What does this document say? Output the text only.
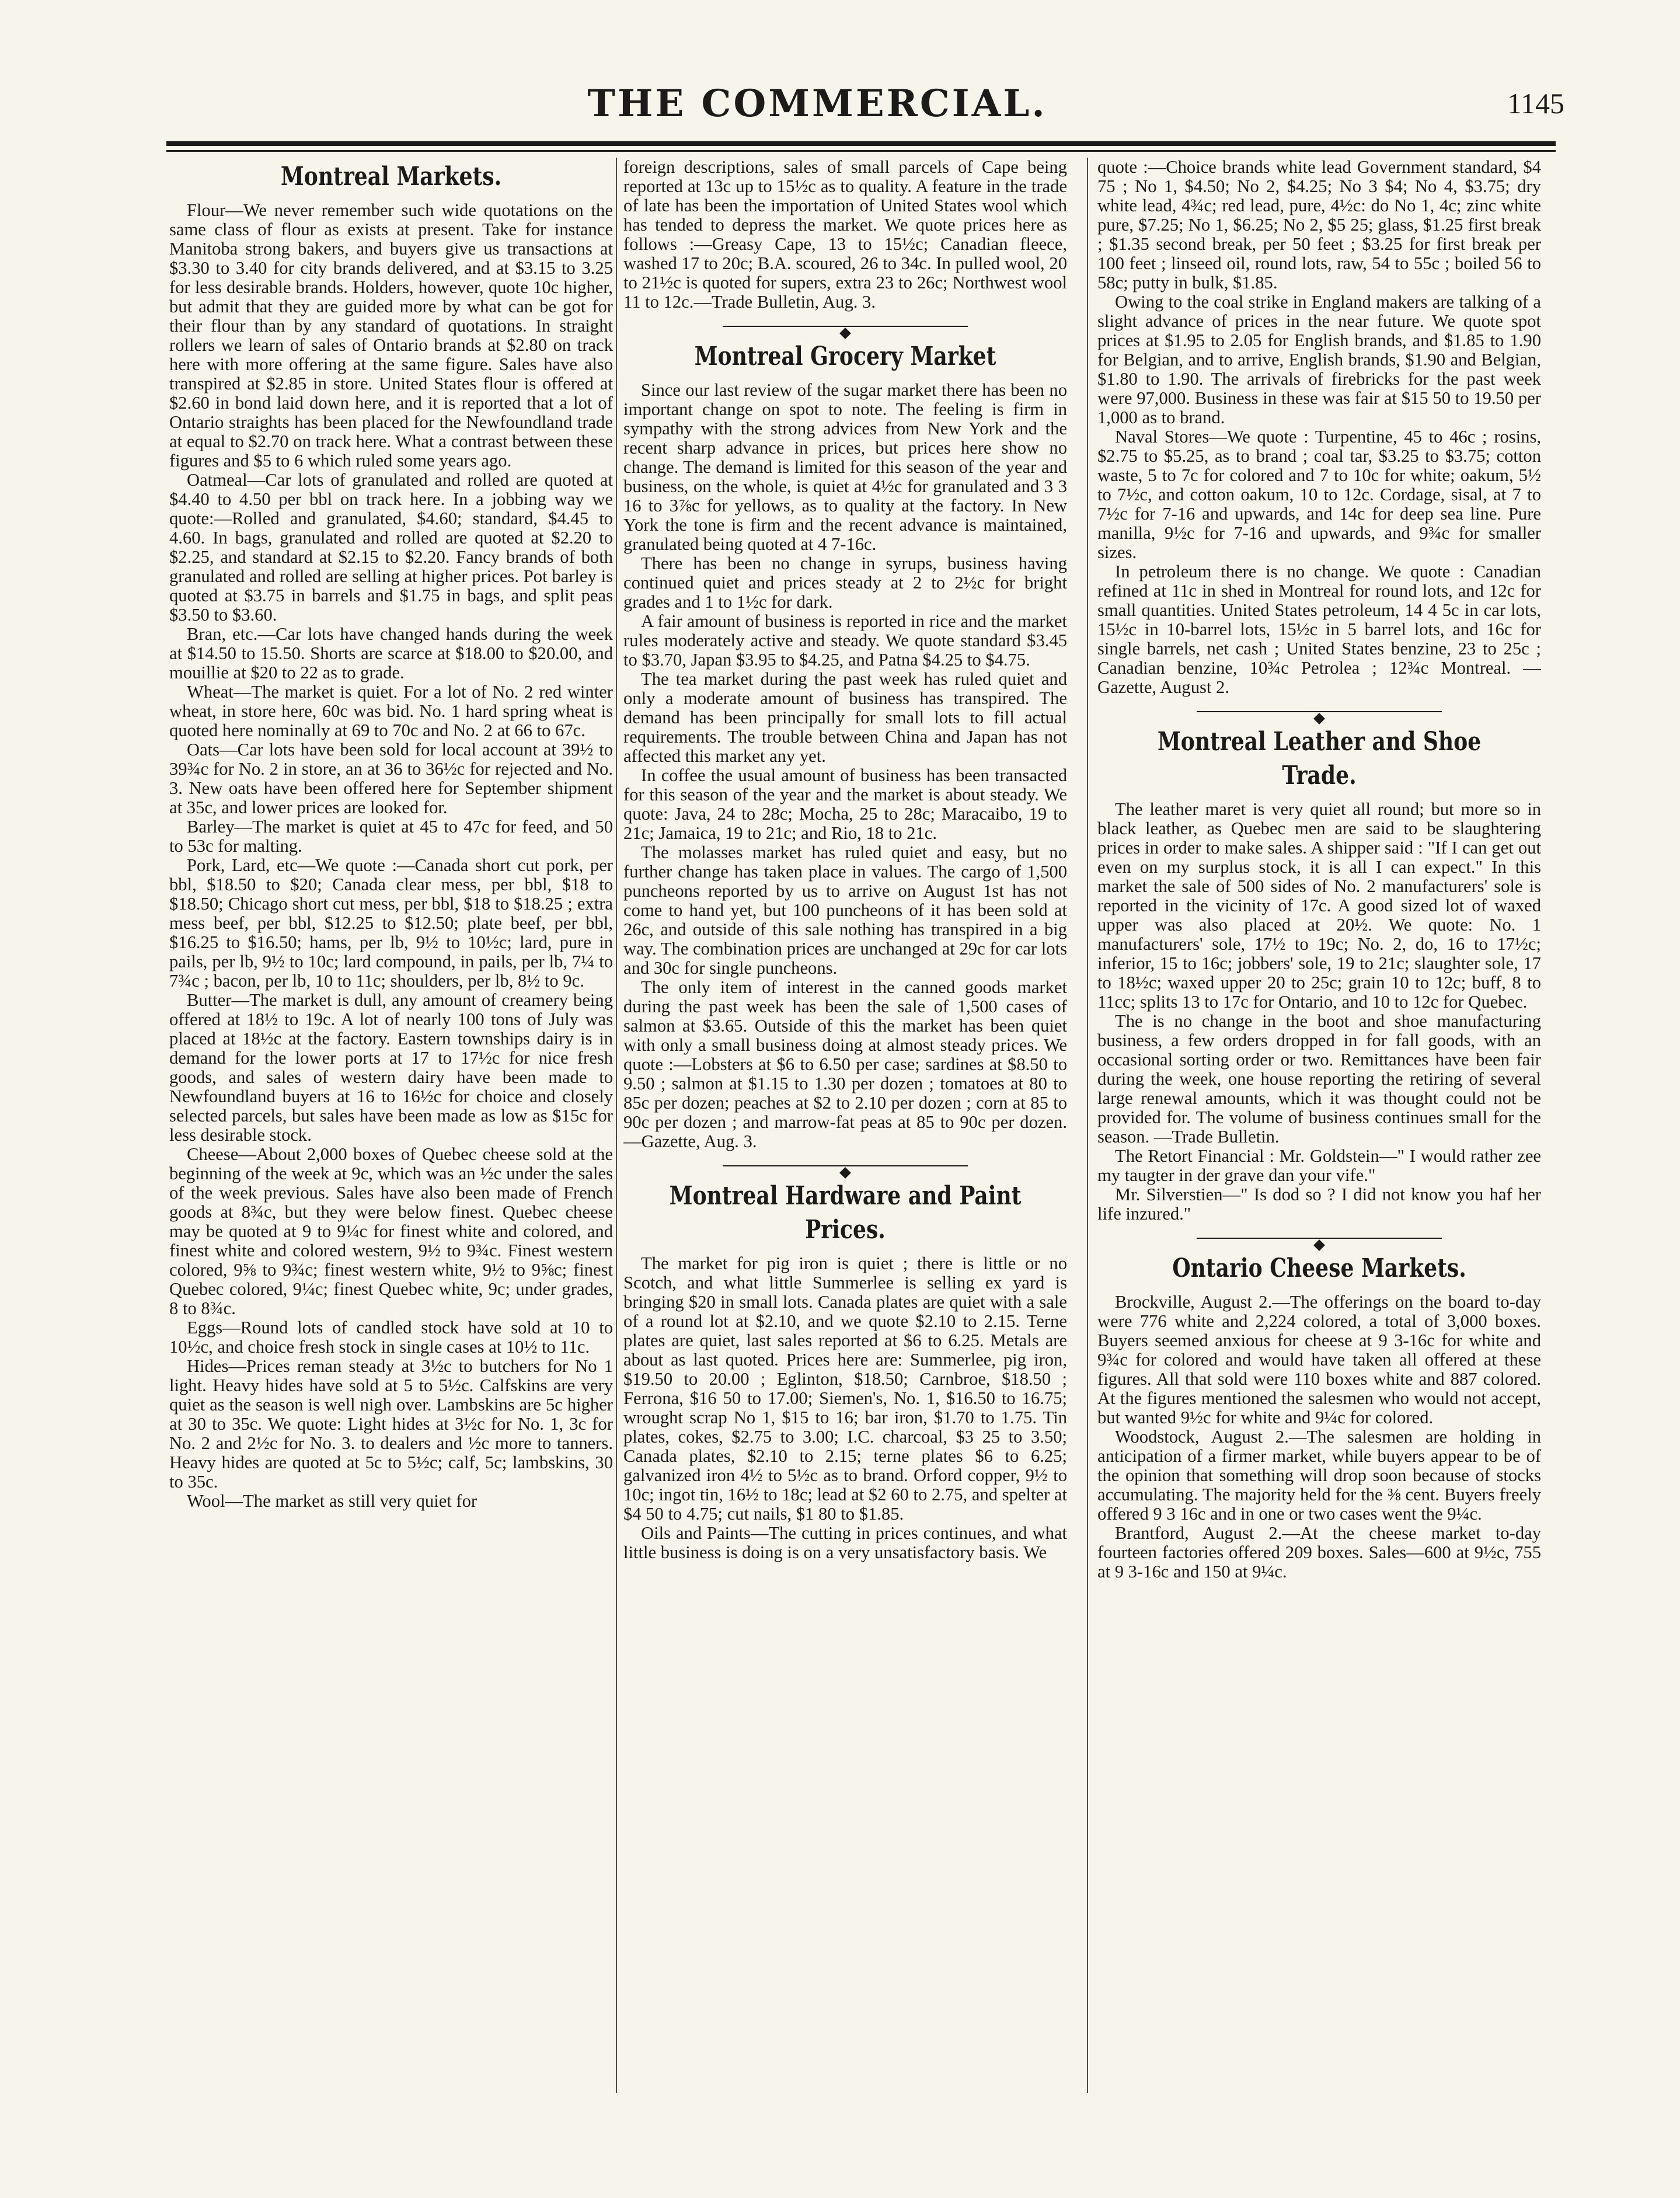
THE COMMERCIAL.	1145
Montreal Markets.

Flour—We never remember such wide quotations on the same class of flour as exists at present. Take for instance Manitoba strong bakers, and buyers give us transactions at $3.30 to 3.40 for city brands delivered, and at $3.15 to 3.25 for less desirable brands. Holders, however, quote 10c higher, but admit that they are guided more by what can be got for their flour than by any standard of quotations. In straight rollers we learn of sales of Ontario brands at $2.80 on track here with more offering at the same figure. Sales have also transpired at $2.85 in store. United States flour is offered at $2.60 in bond laid down here, and it is reported that a lot of Ontario straights has been placed for the Newfoundland trade at equal to $2.70 on track here. What a contrast between these figures and $5 to 6 which ruled some years ago.

Oatmeal—Car lots of granulated and rolled are quoted at $4.40 to 4.50 per bbl on track here. In a jobbing way we quote:—Rolled and granulated, $4.60; standard, $4.45 to 4.60. In bags, granulated and rolled are quoted at $2.20 to $2.25, and standard at $2.15 to $2.20. Fancy brands of both granulated and rolled are selling at higher prices. Pot barley is quoted at $3.75 in barrels and $1.75 in bags, and split peas $3.50 to $3.60.

Bran, etc.—Car lots have changed hands during the week at $14.50 to 15.50. Shorts are scarce at $18.00 to $20.00, and mouillie at $20 to 22 as to grade.

Wheat—The market is quiet. For a lot of No. 2 red winter wheat, in store here, 60c was bid. No. 1 hard spring wheat is quoted here nominally at 69 to 70c and No. 2 at 66 to 67c.

Oats—Car lots have been sold for local account at 39½ to 39¾c for No. 2 in store, an at 36 to 36½c for rejected and No. 3. New oats have been offered here for September shipment at 35c, and lower prices are looked for.

Barley—The market is quiet at 45 to 47c for feed, and 50 to 53c for malting.

Pork, Lard, etc—We quote :—Canada short cut pork, per bbl, $18.50 to $20; Canada clear mess, per bbl, $18 to $18.50; Chicago short cut mess, per bbl, $18 to $18.25 ; extra mess beef, per bbl, $12.25 to $12.50; plate beef, per bbl, $16.25 to $16.50; hams, per lb, 9½ to 10½c; lard, pure in pails, per lb, 9½ to 10c; lard compound, in pails, per lb, 7¼ to 7¾c ; bacon, per lb, 10 to 11c; shoulders, per lb, 8½ to 9c.

Butter—The market is dull, any amount of creamery being offered at 18½ to 19c. A lot of nearly 100 tons of July was placed at 18½c at the factory. Eastern townships dairy is in demand for the lower ports at 17 to 17½c for nice fresh goods, and sales of western dairy have been made to Newfoundland buyers at 16 to 16½c for choice and closely selected parcels, but sales have been made as low as $15c for less desirable stock.

Cheese—About 2,000 boxes of Quebec cheese sold at the beginning of the week at 9c, which was an ½c under the sales of the week previous. Sales have also been made of French goods at 8¾c, but they were below finest. Quebec cheese may be quoted at 9 to 9¼c for finest white and colored, and finest white and colored western, 9½ to 9¾c. Finest western colored, 9⅝ to 9¾c; finest western white, 9½ to 9⅝c; finest Quebec colored, 9¼c; finest Quebec white, 9c; under grades, 8 to 8¾c.

Eggs—Round lots of candled stock have sold at 10 to 10½c, and choice fresh stock in single cases at 10½ to 11c.

Hides—Prices reman steady at 3½c to butchers for No 1 light. Heavy hides have sold at 5 to 5½c. Calfskins are very quiet as the season is well nigh over. Lambskins are 5c higher at 30 to 35c. We quote: Light hides at 3½c for No. 1, 3c for No. 2 and 2½c for No. 3. to dealers and ½c more to tanners. Heavy hides are quoted at 5c to 5½c; calf, 5c; lambskins, 30 to 35c.

Wool—The market as still very quiet for

foreign descriptions, sales of small parcels of Cape being reported at 13c up to 15½c as to quality. A feature in the trade of late has been the importation of United States wool which has tended to depress the market. We quote prices here as follows :—Greasy Cape, 13 to 15½c; Canadian fleece, washed 17 to 20c; B.A. scoured, 26 to 34c. In pulled wool, 20 to 21½c is quoted for supers, extra 23 to 26c; Northwest wool 11 to 12c.—Trade Bulletin, Aug. 3.

Montreal Grocery Market

Since our last review of the sugar market there has been no important change on spot to note. The feeling is firm in sympathy with the strong advices from New York and the recent sharp advance in prices, but prices here show no change. The demand is limited for this season of the year and business, on the whole, is quiet at 4½c for granulated and 3 3 16 to 3⅞c for yellows, as to quality at the factory. In New York the tone is firm and the recent advance is maintained, granulated being quoted at 4 7-16c.

There has been no change in syrups, business having continued quiet and prices steady at 2 to 2½c for bright grades and 1 to 1½c for dark.

A fair amount of business is reported in rice and the market rules moderately active and steady. We quote standard $3.45 to $3.70, Japan $3.95 to $4.25, and Patna $4.25 to $4.75.

The tea market during the past week has ruled quiet and only a moderate amount of business has transpired. The demand has been principally for small lots to fill actual requirements. The trouble between China and Japan has not affected this market any yet.

In coffee the usual amount of business has been transacted for this season of the year and the market is about steady. We quote: Java, 24 to 28c; Mocha, 25 to 28c; Maracaibo, 19 to 21c; Jamaica, 19 to 21c; and Rio, 18 to 21c.

The molasses market has ruled quiet and easy, but no further change has taken place in values. The cargo of 1,500 puncheons reported by us to arrive on August 1st has not come to hand yet, but 100 puncheons of it has been sold at 26c, and outside of this sale nothing has transpired in a big way. The combination prices are unchanged at 29c for car lots and 30c for single puncheons.

The only item of interest in the canned goods market during the past week has been the sale of 1,500 cases of salmon at $3.65. Outside of this the market has been quiet with only a small business doing at almost steady prices. We quote :—Lobsters at $6 to 6.50 per case; sardines at $8.50 to 9.50 ; salmon at $1.15 to 1.30 per dozen ; tomatoes at 80 to 85c per dozen; peaches at $2 to 2.10 per dozen ; corn at 85 to 90c per dozen ; and marrow-fat peas at 85 to 90c per dozen.—Gazette, Aug. 3.

Montreal Hardware and Paint Prices.

The market for pig iron is quiet ; there is little or no Scotch, and what little Summerlee is selling ex yard is bringing $20 in small lots. Canada plates are quiet with a sale of a round lot at $2.10, and we quote $2.10 to 2.15. Terne plates are quiet, last sales reported at $6 to 6.25. Metals are about as last quoted. Prices here are: Summerlee, pig iron, $19.50 to 20.00 ; Eglinton, $18.50; Carnbroe, $18.50 ; Ferrona, $16 50 to 17.00; Siemen's, No. 1, $16.50 to 16.75; wrought scrap No 1, $15 to 16; bar iron, $1.70 to 1.75. Tin plates, cokes, $2.75 to 3.00; I.C. charcoal, $3 25 to 3.50; Canada plates, $2.10 to 2.15; terne plates $6 to 6.25; galvanized iron 4½ to 5½c as to brand. Orford copper, 9½ to 10c; ingot tin, 16½ to 18c; lead at $2 60 to 2.75, and spelter at $4 50 to 4.75; cut nails, $1 80 to $1.85.

Oils and Paints—The cutting in prices continues, and what little business is doing is on a very unsatisfactory basis. We

quote :—Choice brands white lead Government standard, $4 75 ; No 1, $4.50; No 2, $4.25; No 3 $4; No 4, $3.75; dry white lead, 4¾c; red lead, pure, 4½c: do No 1, 4c; zinc white pure, $7.25; No 1, $6.25; No 2, $5 25; glass, $1.25 first break ; $1.35 second break, per 50 feet ; $3.25 for first break per 100 feet ; linseed oil, round lots, raw, 54 to 55c ; boiled 56 to 58c; putty in bulk, $1.85.

Owing to the coal strike in England makers are talking of a slight advance of prices in the near future. We quote spot prices at $1.95 to 2.05 for English brands, and $1.85 to 1.90 for Belgian, and to arrive, English brands, $1.90 and Belgian, $1.80 to 1.90. The arrivals of firebricks for the past week were 97,000. Business in these was fair at $15 50 to 19.50 per 1,000 as to brand.

Naval Stores—We quote : Turpentine, 45 to 46c ; rosins, $2.75 to $5.25, as to brand ; coal tar, $3.25 to $3.75; cotton waste, 5 to 7c for colored and 7 to 10c for white; oakum, 5½ to 7½c, and cotton oakum, 10 to 12c. Cordage, sisal, at 7 to 7½c for 7-16 and upwards, and 14c for deep sea line. Pure manilla, 9½c for 7-16 and upwards, and 9¾c for smaller sizes.

In petroleum there is no change. We quote : Canadian refined at 11c in shed in Montreal for round lots, and 12c for small quantities. United States petroleum, 14 4 5c in car lots, 15½c in 10-barrel lots, 15½c in 5 barrel lots, and 16c for single barrels, net cash ; United States benzine, 23 to 25c ; Canadian benzine, 10¾c Petrolea ; 12¾c Montreal. — Gazette, August 2.

Montreal Leather and Shoe Trade.

The leather maret is very quiet all round; but more so in black leather, as Quebec men are said to be slaughtering prices in order to make sales. A shipper said : "If I can get out even on my surplus stock, it is all I can expect." In this market the sale of 500 sides of No. 2 manufacturers' sole is reported in the vicinity of 17c. A good sized lot of waxed upper was also placed at 20½. We quote: No. 1 manufacturers' sole, 17½ to 19c; No. 2, do, 16 to 17½c; inferior, 15 to 16c; jobbers' sole, 19 to 21c; slaughter sole, 17 to 18½c; waxed upper 20 to 25c; grain 10 to 12c; buff, 8 to 11cc; splits 13 to 17c for Ontario, and 10 to 12c for Quebec.

The is no change in the boot and shoe manufacturing business, a few orders dropped in for fall goods, with an occasional sorting order or two. Remittances have been fair during the week, one house reporting the retiring of several large renewal amounts, which it was thought could not be provided for. The volume of business continues small for the season. —Trade Bulletin.

The Retort Financial : Mr. Goldstein—" I would rather zee my taugter in der grave dan your vife."

Mr. Silverstien—" Is dod so ? I did not know you haf her life inzured."

Ontario Cheese Markets.

Brockville, August 2.—The offerings on the board to-day were 776 white and 2,224 colored, a total of 3,000 boxes. Buyers seemed anxious for cheese at 9 3-16c for white and 9¾c for colored and would have taken all offered at these figures. All that sold were 110 boxes white and 887 colored. At the figures mentioned the salesmen who would not accept, but wanted 9½c for white and 9¼c for colored.

Woodstock, August 2.—The salesmen are holding in anticipation of a firmer market, while buyers appear to be of the opinion that something will drop soon because of stocks accumulating. The majority held for the ⅜ cent. Buyers freely offered 9 3 16c and in one or two cases went the 9¼c.

Brantford, August 2.—At the cheese market to-day fourteen factories offered 209 boxes. Sales—600 at 9½c, 755 at 9 3-16c and 150 at 9¼c.
